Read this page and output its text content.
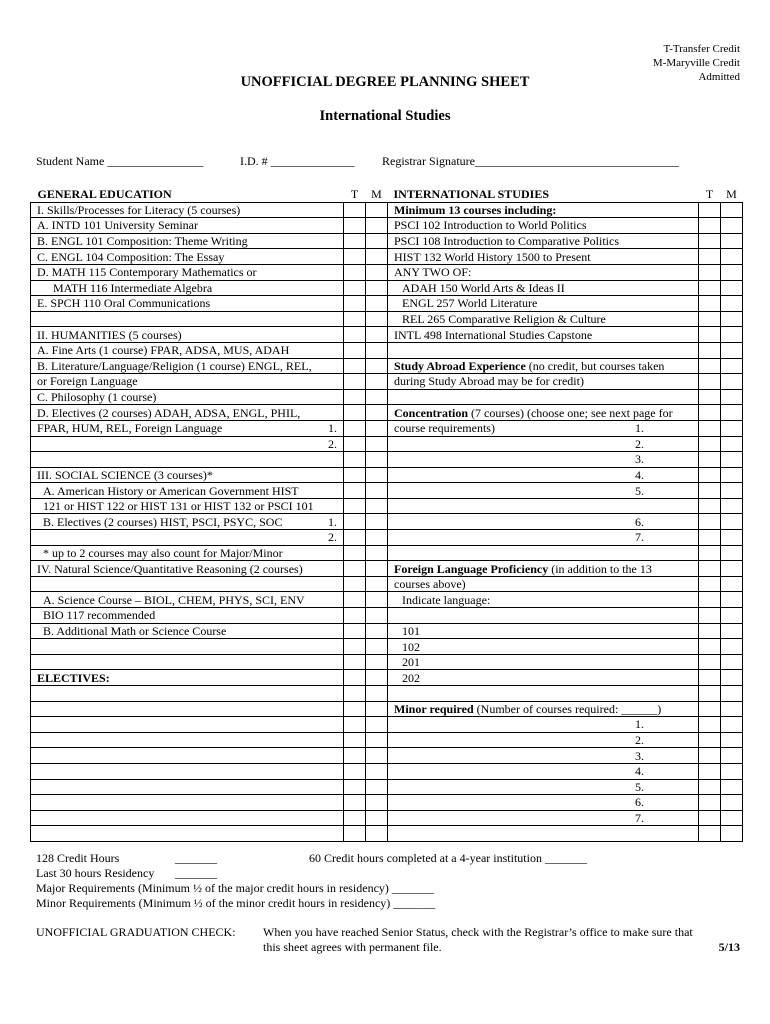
T-Transfer Credit
M-Maryville Credit
Admitted
UNOFFICIAL DEGREE PLANNING SHEET
International Studies
Student Name ________________	I.D. # ______________ Registrar Signature__________________________________
GENERAL EDUCATION	T	M	INTERNATIONAL STUDIES	T	M
I. Skills/Processes for Literacy (5 courses)			Minimum 13 courses including:		
A. INTD 101 University Seminar			PSCI 102 Introduction to World Politics		
B. ENGL 101 Composition: Theme Writing			PSCI 108 Introduction to Comparative Politics		
C. ENGL 104 Composition: The Essay			HIST 132 World History 1500 to Present		
D. MATH 115 Contemporary Mathematics or			ANY TWO OF:		
MATH 116 Intermediate Algebra			ADAH 150 World Arts & Ideas II		
E. SPCH 110 Oral Communications			ENGL 257 World Literature		
			REL 265 Comparative Religion & Culture		
II. HUMANITIES (5 courses)			INTL 498 International Studies Capstone		
A. Fine Arts (1 course) FPAR, ADSA, MUS, ADAH					
B. Literature/Language/Religion (1 course) ENGL, REL,			Study Abroad Experience (no credit, but courses taken		
or Foreign Language			during Study Abroad may be for credit)		
C. Philosophy (1 course)					
D. Electives (2 courses) ADAH, ADSA, ENGL, PHIL,			Concentration (7 courses) (choose one; see next page for		
FPAR, HUM, REL, Foreign Language 1.			course requirements) 1.		

2.			2.		

			3.		

III. SOCIAL SCIENCE (3 courses)*			4.		

A. American History or American Government HIST			5.		

121 or HIST 122 or HIST 131 or HIST 132 or PSCI 101					
B. Electives (2 courses) HIST, PSCI, PSYC, SOC 1.			6.		

2.			7.		

* up to 2 courses may also count for Major/Minor					
IV. Natural Science/Quantitative Reasoning (2 courses)			Foreign Language Proficiency (in addition to the 13		
			courses above)		
A. Science Course – BIOL, CHEM, PHYS, SCI, ENV			Indicate language:		
BIO 117 recommended					
B. Additional Math or Science Course			101		
			102		
			201		
ELECTIVES:			202		

			Minor required (Number of courses required: ______)		

			1.		

			2.		

			3.		

			4.		

			5.		

			6.		

			7.		

128 Credit Hours	_______	60 Credit hours completed at a 4-year institution _______
Last 30 hours Residency _______
Major Requirements (Minimum ½ of the major credit hours in residency) _______
Minor Requirements (Minimum ½ of the minor credit hours in residency) _______
UNOFFICIAL GRADUATION CHECK: When you have reached Senior Status, check with the Registrar’s office to make sure that
this sheet agrees with permanent file.	5/13
